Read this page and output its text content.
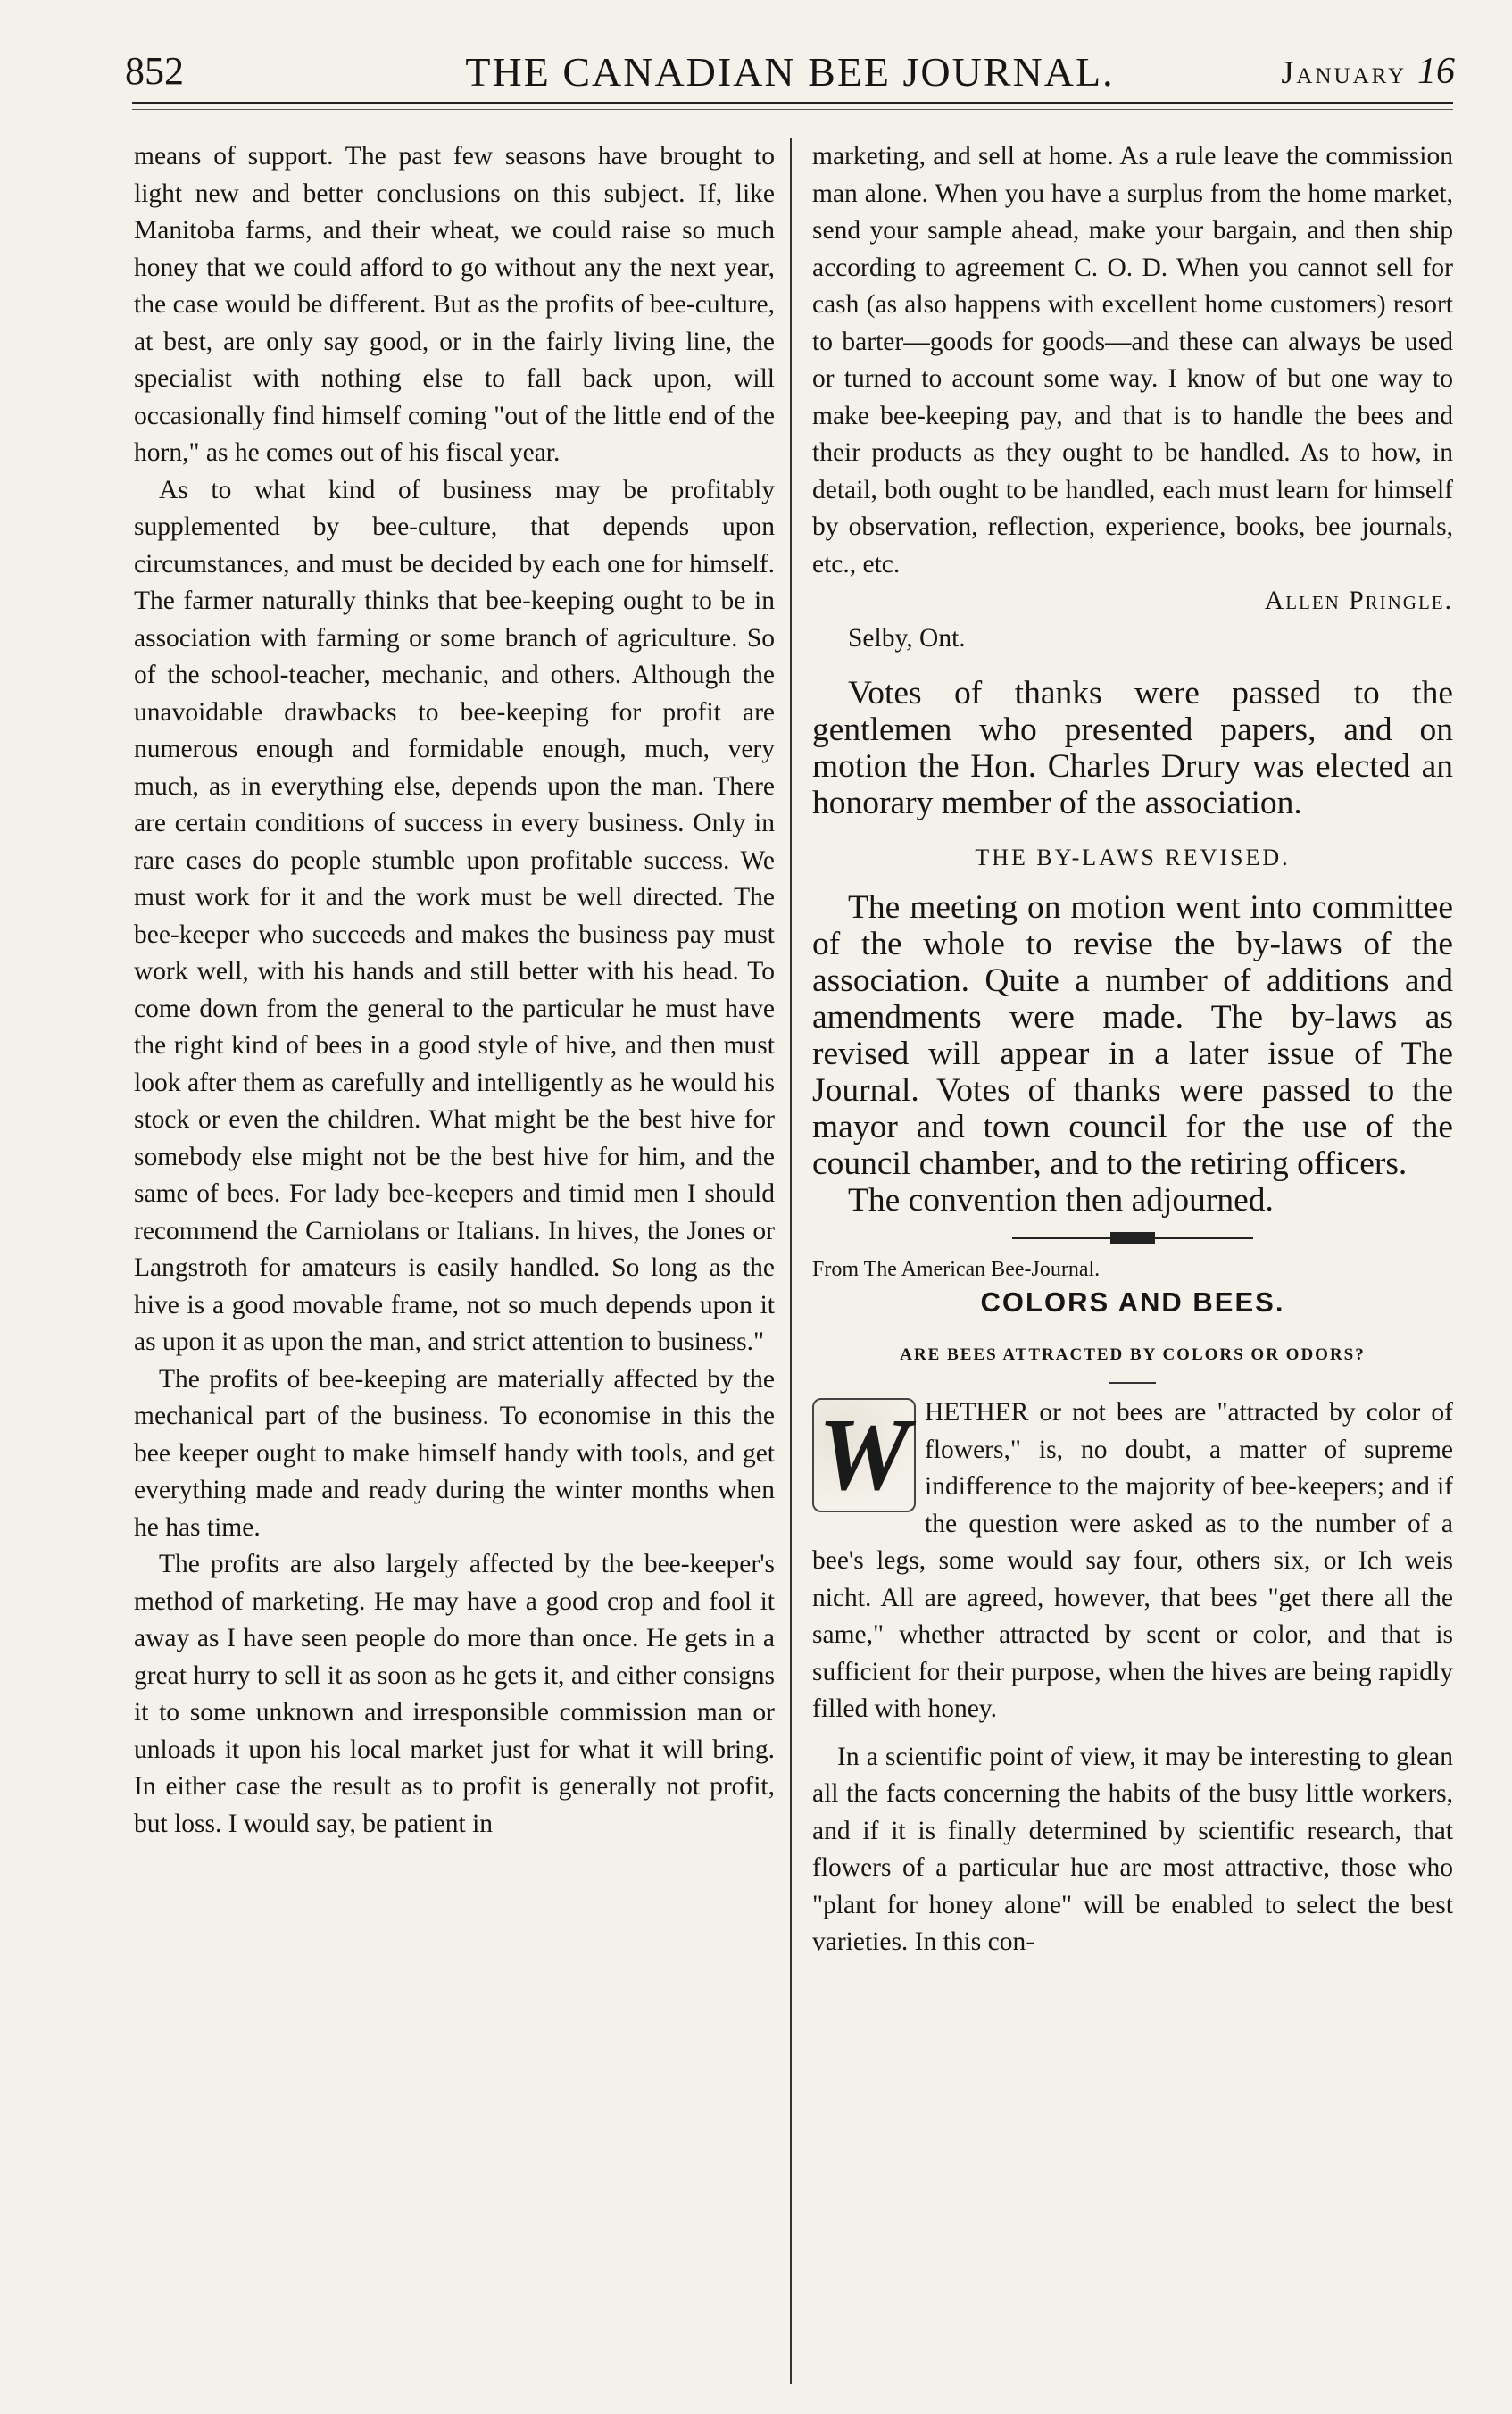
852	THE CANADIAN BEE JOURNAL.	January 16

means of support. The past few seasons have brought to light new and better conclusions on this subject. If, like Manitoba farms, and their wheat, we could raise so much honey that we could afford to go without any the next year, the case would be different. But as the profits of bee-culture, at best, are only say good, or in the fairly living line, the specialist with nothing else to fall back upon, will occasionally find himself coming "out of the little end of the horn," as he comes out of his fiscal year.

As to what kind of business may be profitably supplemented by bee-culture, that depends upon circumstances, and must be decided by each one for himself. The farmer naturally thinks that bee-keeping ought to be in association with farming or some branch of agriculture. So of the school-teacher, mechanic, and others. Although the unavoidable drawbacks to bee-keeping for profit are numerous enough and formidable enough, much, very much, as in everything else, depends upon the man. There are certain conditions of success in every business. Only in rare cases do people stumble upon profitable success. We must work for it and the work must be well directed. The bee-keeper who succeeds and makes the business pay must work well, with his hands and still better with his head. To come down from the general to the particular he must have the right kind of bees in a good style of hive, and then must look after them as carefully and intelligently as he would his stock or even the children. What might be the best hive for somebody else might not be the best hive for him, and the same of bees. For lady bee-keepers and timid men I should recommend the Carniolans or Italians. In hives, the Jones or Langstroth for amateurs is easily handled. So long as the hive is a good movable frame, not so much depends upon it as upon it as upon the man, and strict attention to business."

The profits of bee-keeping are materially affected by the mechanical part of the business. To economise in this the bee keeper ought to make himself handy with tools, and get everything made and ready during the winter months when he has time.

The profits are also largely affected by the bee-keeper's method of marketing. He may have a good crop and fool it away as I have seen people do more than once. He gets in a great hurry to sell it as soon as he gets it, and either consigns it to some unknown and irresponsible commission man or unloads it upon his local market just for what it will bring. In either case the result as to profit is generally not profit, but loss. I would say, be patient in

marketing, and sell at home. As a rule leave the commission man alone. When you have a surplus from the home market, send your sample ahead, make your bargain, and then ship according to agreement C. O. D. When you cannot sell for cash (as also happens with excellent home customers) resort to barter—goods for goods—and these can always be used or turned to account some way. I know of but one way to make bee-keeping pay, and that is to handle the bees and their products as they ought to be handled. As to how, in detail, both ought to be handled, each must learn for himself by observation, reflection, experience, books, bee journals, etc., etc.

Allen Pringle.

Selby, Ont.

Votes of thanks were passed to the gentlemen who presented papers, and on motion the Hon. Charles Drury was elected an honorary member of the association.

THE BY-LAWS REVISED.

The meeting on motion went into committee of the whole to revise the by-laws of the association. Quite a number of additions and amendments were made. The by-laws as revised will appear in a later issue of The Journal. Votes of thanks were passed to the mayor and town council for the use of the council chamber, and to the retiring officers.

The convention then adjourned.

From The American Bee-Journal.

COLORS AND BEES.

ARE BEES ATTRACTED BY COLORS OR ODORS?

W HETHER or not bees are "attracted by color of flowers," is, no doubt, a matter of supreme indifference to the majority of bee-keepers; and if the question were asked as to the number of a bee's legs, some would say four, others six, or Ich weis nicht. All are agreed, however, that bees "get there all the same," whether attracted by scent or color, and that is sufficient for their purpose, when the hives are being rapidly filled with honey.

In a scientific point of view, it may be interesting to glean all the facts concerning the habits of the busy little workers, and if it is finally determined by scientific research, that flowers of a particular hue are most attractive, those who "plant for honey alone" will be enabled to select the best varieties. In this con-
